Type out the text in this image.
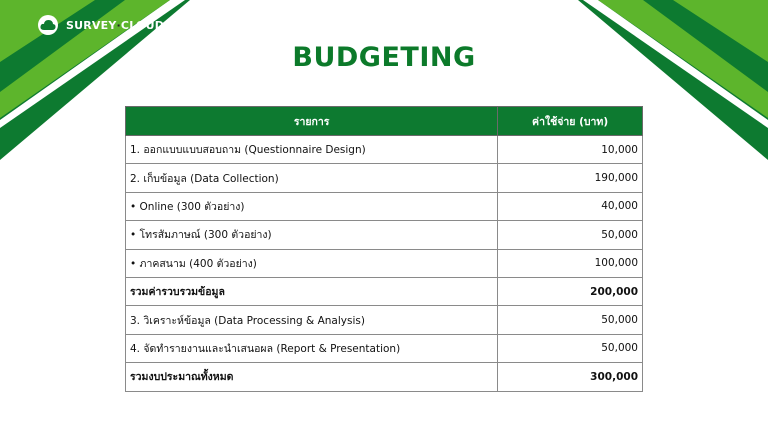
SURVEY·CLOUD
BUDGETING
รายการ	ค่าใช้จ่าย (บาท)
1. ออกแบบแบบสอบถาม (Questionnaire Design)	10,000
2. เก็บข้อมูล (Data Collection)	190,000
• Online (300 ตัวอย่าง)	40,000
• โทรสัมภาษณ์ (300 ตัวอย่าง)	50,000
• ภาคสนาม (400 ตัวอย่าง)	100,000
รวมค่ารวบรวมข้อมูล	200,000
3. วิเคราะห์ข้อมูล (Data Processing & Analysis)	50,000
4. จัดทำรายงานและนำเสนอผล (Report & Presentation)	50,000
รวมงบประมาณทั้งหมด	300,000
